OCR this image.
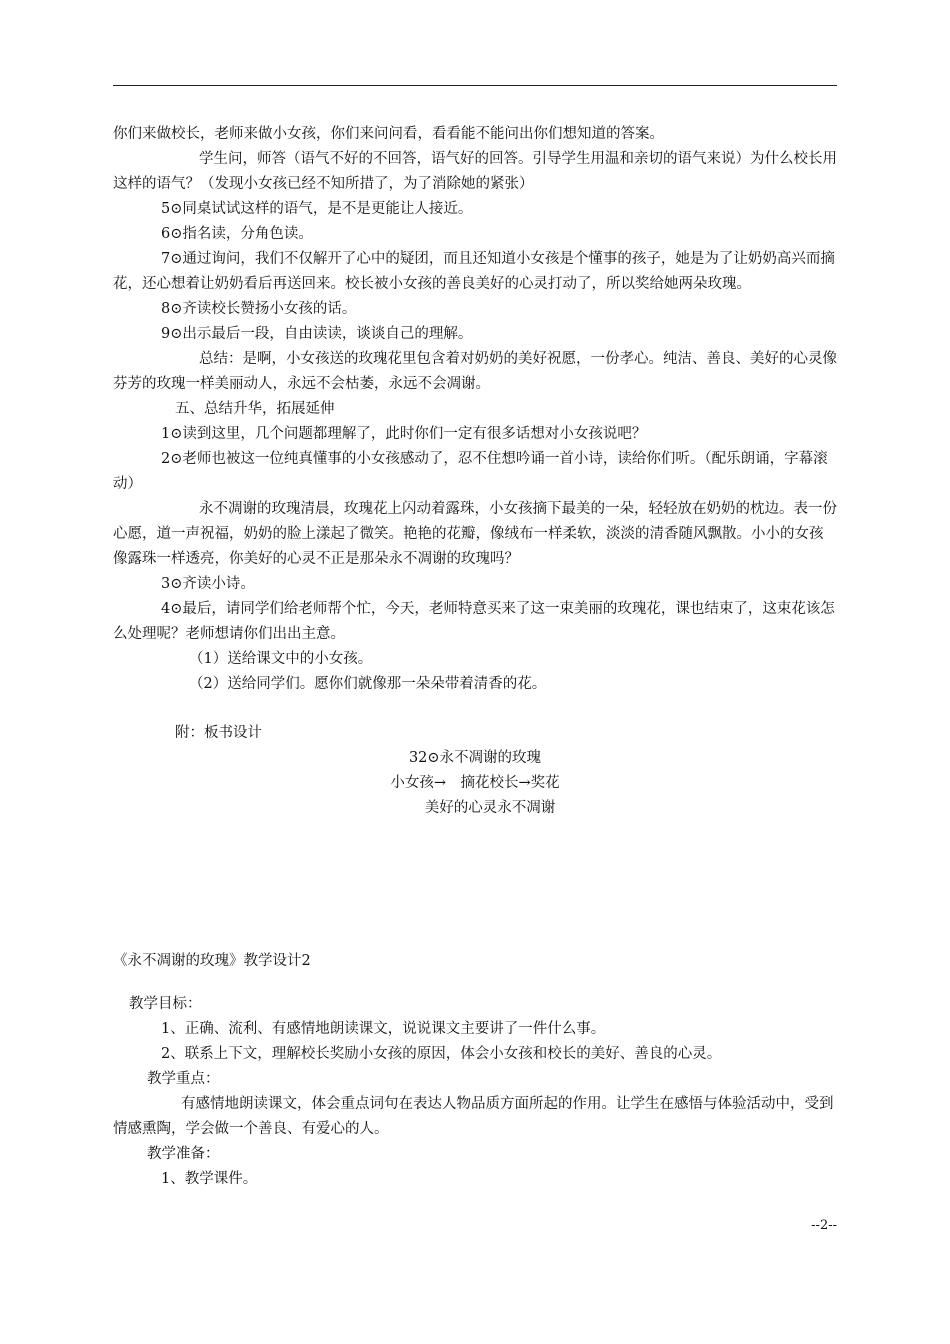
你们来做校长，老师来做小女孩，你们来问问看，看看能不能问出你们想知道的答案。

学生问，师答（语气不好的不回答，语气好的回答。引导学生用温和亲切的语气来说）为什么校长用这样的语气？（发现小女孩已经不知所措了，为了消除她的紧张）

5⊙同桌试试这样的语气，是不是更能让人接近。

6⊙指名读，分角色读。

7⊙通过询问，我们不仅解开了心中的疑团，而且还知道小女孩是个懂事的孩子，她是为了让奶奶高兴而摘花，还心想着让奶奶看后再送回来。校长被小女孩的善良美好的心灵打动了，所以奖给她两朵玫瑰。

8⊙齐读校长赞扬小女孩的话。

9⊙出示最后一段，自由读读，谈谈自己的理解。

总结：是啊，小女孩送的玫瑰花里包含着对奶奶的美好祝愿，一份孝心。纯洁、善良、美好的心灵像芬芳的玫瑰一样美丽动人，永远不会枯萎，永远不会凋谢。

五、总结升华，拓展延伸

1⊙读到这里，几个问题都理解了，此时你们一定有很多话想对小女孩说吧？

2⊙老师也被这一位纯真懂事的小女孩感动了，忍不住想吟诵一首小诗，读给你们听。（配乐朗诵，字幕滚动）

永不凋谢的玫瑰清晨，玫瑰花上闪动着露珠，小女孩摘下最美的一朵，轻轻放在奶奶的枕边。表一份心愿，道一声祝福，奶奶的脸上漾起了微笑。艳艳的花瓣，像绒布一样柔软，淡淡的清香随风飘散。小小的女孩像露珠一样透亮，你美好的心灵不正是那朵永不凋谢的玫瑰吗？

3⊙齐读小诗。

4⊙最后，请同学们给老师帮个忙，今天，老师特意买来了这一束美丽的玫瑰花，课也结束了，这束花该怎么处理呢？老师想请你们出出主意。

（1）送给课文中的小女孩。

（2）送给同学们。愿你们就像那一朵朵带着清香的花。

附：板书设计

32⊙永不凋谢的玫瑰

小女孩→　摘花校长→奖花

美好的心灵永不凋谢

《永不凋谢的玫瑰》教学设计2

教学目标：

1、正确、流利、有感情地朗读课文，说说课文主要讲了一件什么事。

2、联系上下文，理解校长奖励小女孩的原因，体会小女孩和校长的美好、善良的心灵。

教学重点：

有感情地朗读课文，体会重点词句在表达人物品质方面所起的作用。让学生在感悟与体验活动中，受到情感熏陶，学会做一个善良、有爱心的人。

教学准备：

1、教学课件。

--2--
